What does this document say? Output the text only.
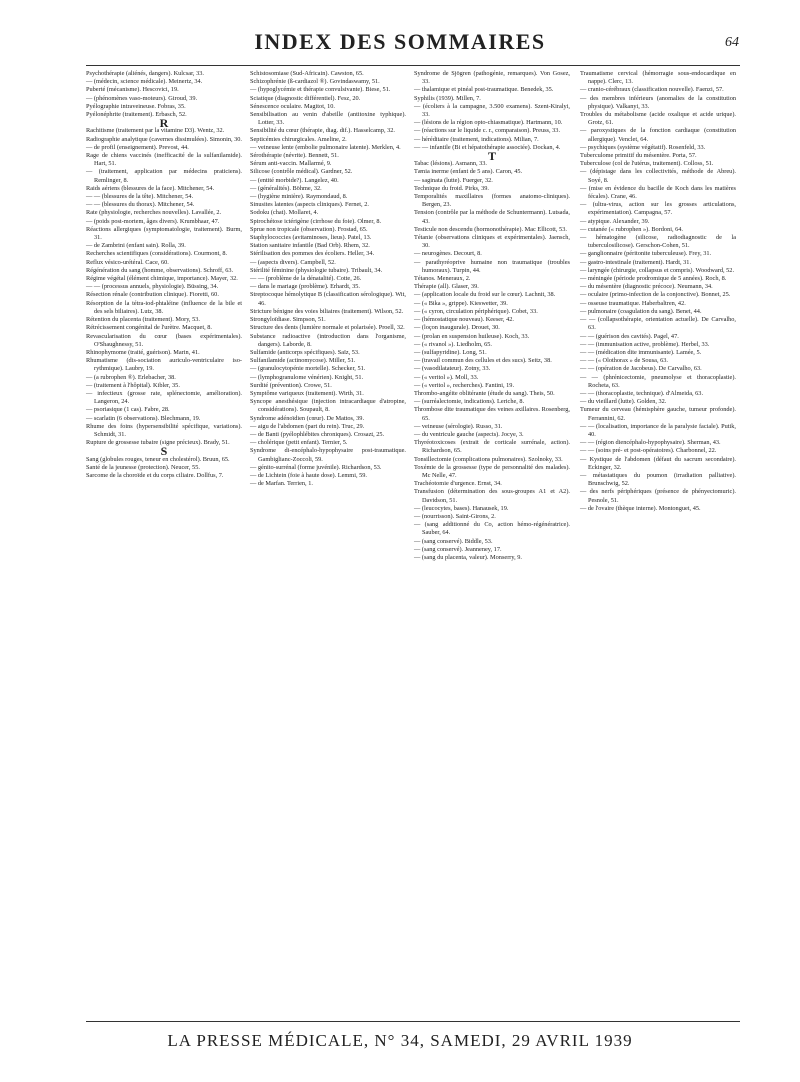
INDEX DES SOMMAIRES	64

Psychothérapie (aliénés, dangers). Kulcsar, 33.

— (médecin, science médicale). Meinertz, 34.

Puberté (mécanisme). Hescovici, 19.

— (phénomènes vaso-moteurs). Giroud, 39.

Pyélographie intraveineuse. Fobras, 35.

Pyélonéphrite (traitement). Erbasch, 52.

R

Rachitisme (traitement par la vitamine D3). Wentz, 32.

Radiographie analytique (cavernes dissimulées). Simonin, 30.

— de profil (enseignement). Prevost, 44.

Rage de chiens vaccinés (inefficacité de la sulfanilamide). Hart, 51.

— (traitement, application par médecins praticiens). Remlinger, 8.

Raids aériens (blessures de la face). Mitchener, 54.

— — (blessures de la tête). Mitchener, 54.

— — (blessures du thorax). Mitchener, 54.

Rate (physiologie, recherches nouvelles). Lavallée, 2.

— (poids post-mortem, âges divers). Krumbhaar, 47.

Réactions allergiques (symptomatologie, traitement). Burm, 31.

— de Zambrini (enfant sain). Rolla, 39.

Recherches scientifiques (considérations). Courmont, 8.

Reflux vésico-urétéral. Cace, 60.

Régénération du sang (homme, observations). Schroff, 63.

Régime végétal (élément chimique, importance). Mayer, 32.

— — (processus annuels, physiologie). Büssing, 34.

Résection rénale (contribution clinique). Fioretti, 60.

Résorption de la tétra-iod-phtaléine (influence de la bile et des sels biliaires). Lutz, 38.

Rétention du placenta (traitement). Mory, 53.

Rétrécissement congénital de l'urètre. Macquet, 8.

Revascularisation du cœur (bases expérimentales). O'Shaughnessy, 51.

Rhinophymome (traité, guérison). Marin, 41.

Rhumatisme (dis-sociation auriculo-ventriculaire iso-rythmique). Laubry, 19.

— (a rubrophen ®). Erlebacher, 38.

— (traitement à l'hôpital). Kibler, 35.

— infectieux (grosse rate, splénectomie, amélioration). Langeron, 24.

— psoriasique (1 cas). Fabre, 28.

— scarlatin (6 observations). Blechmann, 19.

Rhume des foins (hypersensibilité spécifique, variations). Schmidt, 31.

Rupture de grossesse tubaire (signe précieux). Brady, 51.

S

Sang (globules rouges, teneur en cholestérol). Bruun, 65.

Santé de la jeunesse (protection). Neucer, 55.

Sarcome de la choroïde et du corps ciliaire. Dollfus, 7.

Schistosomiase (Sud-Africain). Cawston, 65.

Schizophrénie (ß-cardiazol ®). Govindaswamy, 51.

— (hypoglycémie et thérapie convulsivante). Biese, 51.

Sciatique (diagnostic différentiel). Fesz, 20.

Sénescence oculaire. Magitot, 10.

Sensibilisation au venin d'abeille (antitoxine typhique). Lotter, 33.

Sensibilité du cœur (thérapie, diag. dif.). Hasselcamp, 32.

Septicémies chirurgicales. Ameline, 2.

— veineuse lente (embolie pulmonaire latente). Merklen, 4.

Sérothérapie (névrite). Bennett, 51.

Sérum anti-vaccin. Mallarmé, 9.

Silicose (contrôle médical). Gardner, 52.

— (entité morbide?). Langelez, 40.

— (généralités). Böhme, 32.

— (hygiène minière). Raymondaud, 8.

Sinusites latentes (aspects cliniques). Fernet, 2.

Sodoku (chat). Mollaret, 4.

Spirochétose ictérigène (cirrhose du foie). Olmer, 8.

Sprue non tropicale (observation). Frostad, 65.

Staphylococcies (avitaminoses, lieus). Patel, 13.

Station sanitaire infantile (Bad Orb). Rhem, 32.

Stérilisation des pommes des écoliers. Heller, 34.

— (aspects divers). Campbell, 52.

Stérilité féminine (physiologie tubaire). Tribault, 34.

— — (problème de la dénatalité). Cotte, 26.

— dans le mariage (problème). Erhardt, 35.

Streptocoque hémolytique B (classification sérologique). Wit, 46.

Stricture bénigne des voies biliaires (traitement). Wilson, 52.

Strongyloïdiase. Simpson, 51.

Structure des dents (lumière normale et polarisée). Proell, 32.

Substance radioactive (introduction dans l'organisme, dangers). Laborde, 8.

Sulfamide (anticorps spécifiques). Saïz, 53.

Sulfanilamide (actinomycose). Miller, 51.

— (granulocytopénie mortelle). Schecker, 51.

— (lymphogranulome vénérien). Knight, 51.

Surdité (prévention). Crowe, 51.

Symptôme variqueux (traitement). Wirth, 31.

Syncope anesthésique (injection intracardiaque d'atropine, considérations). Soupault, 8.

Syndrome adénoïdien (cœur). De Mattos, 39.

— aigu de l'abdomen (part du rein). Truc, 29.

— de Banti (pyélophlébites chroniques). Crosazt, 25.

— cholérique (petit enfant). Ternier, 5.

Syndrome di-encéphalo-hypophysaire post-traumatique. Gambiglianc-Zoccoli, 59.

— génito-surrénal (forme juvénile). Richardson, 53.

— de Lichtein (foie à haute dose). Lemmi, 59.

— de Marfan. Terrien, 1.

Syndrome de Sjögren (pathogénie, remarques). Von Gosez, 33.

— thalamique et pinéal post-traumatique. Benedek, 35.

Syphilis (1939). Millen, 7.

— (écoliers à la campagne, 3.500 examens). Szent-Kiralyi, 33.

— (lésions de la région opto-chiasmatique). Hartmann, 10.

— (réactions sur le liquide c. r., comparaison). Preuss, 33.

— héréditaire (traitement, indications). Milian, 7.

— — infantile (Bi et hépatothérapie associée). Dockan, 4.

T

Tabac (lésions). Asmann, 33.

Tænia inerme (enfant de 5 ans). Caron, 45.

— saginata (lutte). Fuerger, 32.

Technique du froid. Pirks, 39.

Temporalités maxillaires (formes anatomo-cliniques). Bergen, 23.

Tension (contrôle par la méthode de Schuntermann). Lutsada, 43.

Testicule non descendu (hormonothérapie). Mac Ellicott, 53.

Tétanie (observations cliniques et expérimentales). Jaensch, 30.

— neurogènes. Decourt, 8.

— parathyréoprive humaine non traumatique (troubles humoraux). Turpin, 44.

Tétanos. Meneraux, 2.

Thérapie (all). Glaser, 39.

— (application locale du froid sur le cœur). Lachnit, 38.

— (« Bika », grippe). Kieswetter, 39.

— (« cyron, circulation périphérique). Cobet, 33.

— (hémostatique nouveau). Keeser, 42.

— (loçon inaugurale). Drouet, 30.

— (prolan en suspension huileuse). Koch, 33.

— (« rivanol »). Liedholm, 65.

— (sulfapyridine). Long, 51.

— (travail commun des cellules et des sucs). Seitz, 38.

— (vasodilatateur). Zotny, 33.

— (« veritol »). Moll, 33.

— (« veritol », recherches). Fantini, 19.

Thrombo-angéite oblitérante (étude du sang). Theis, 50.

— (surréalectomie, indications). Leriche, 8.

Thrombose dite traumatique des veines axillaires. Rosenberg, 65.

— veineuse (sérologie). Russo, 31.

— du ventricule gauche (aspects). Jocye, 3.

Thyréotoxicoses (extrait de corticale surrénale, action). Richardson, 65.

Tonsillectomie (complications pulmonaires). Szolnoky, 33.

Toxémie de la grossesse (type de personnalité des malades). Mc Nelle, 47.

Trachéotomie d'urgence. Ernst, 34.

Transfusion (détermination des sous-groupes A1 et A2). Davidson, 51.

— (leucocytes, bases). Hanausek, 19.

— (nourrisson). Saint-Girons, 2.

— (sang additionné du Co, action hémo-régénératrice). Sauber, 64.

— (sang conservé). Biddle, 53.

— (sang conservé). Jeanneney, 17.

— (sang du placenta, valeur). Monserry, 9.

Traumatisme cervical (hémorragie sous-endocardique en nappe). Clerc, 13.

— cranio-cérébraux (classification nouvelle). Faenzi, 57.

— des membres inférieurs (anomalies de la constitution physique). Valkanyi, 33.

Troubles du métabolisme (acide oxalique et acide urique). Grotz, 61.

— paroxystiques de la fonction cardiaque (constitution allergique). Venclet, 64.

— psychiques (système végétatif). Rosenfeld, 33.

Tuberculome primitif du mésentère. Porta, 57.

Tuberculose (col de l'utérus, traitement). Colloss, 51.

— (dépistage dans les collectivités, méthode de Abreu). Soyé, 8.

— (mise en évidence du bacille de Koch dans les matières fécales). Crane, 46.

— (ultra-virus, action sur les grosses articulations, expérimentation). Campagna, 57.

— atypique. Alexander, 39.

— cutanée (« rubrophen »). Bordoni, 64.

— hématogène (silicose, radiodiagnostic de la tuberculosilicose). Gerschon-Cohen, 51.

— ganglionnaire (péritonite tuberculeuse). Frey, 31.

— gastro-intestinale (traitement). Hardt, 31.

— laryngée (chirurgie, collapsus et compris). Woodward, 52.

— méningée (période prodromique de 5 années). Roch, 8.

— du mésentère (diagnostic précoce). Neumann, 34.

— oculaire (primo-infection de la conjonctive). Bonnet, 25.

— osseuse traumatique. Haberbaltren, 42.

— pulmonaire (coagulation du sang). Benet, 44.

— — (collapsothérapie, orientation actuelle). De Carvalho, 63.

— — (guérison des cavités). Pagel, 47.

— — (immunisation active, problème). Herbel, 33.

— — (médication dite immunisante). Lamée, 5.

— — (« Olothorax » de Sousa, 63.

— — (opération de Jacobeus). De Carvalho, 63.

— — (phrénicectomie, pneumolyse et thoracoplastie). Rocheta, 63.

— — (thoracoplastie, technique). d'Almeida, 63.

— du vieillard (lutte). Golden, 32.

Tumeur du cerveau (hémisphère gauche, tumeur profonde). Ferrannini, 62.

— — (localisation, importance de la paralysie faciale). Putik, 40.

— — (région diencéphalo-hypophysaire). Sherman, 43.

— — (soins pré- et post-opératoires). Charbonnel, 22.

— Kystique de l'abdomen (défaut du sacrum secondaire). Eckinger, 32.

— métastatiques du poumon (irradiation palliative). Brunschwig, 52.

— des nerfs périphériques (présence de phényectomuric). Pesnole, 51.

— de l'ovaire (thèque interne). Montonguet, 45.

LA PRESSE MÉDICALE, N° 34, SAMEDI, 29 AVRIL 1939
